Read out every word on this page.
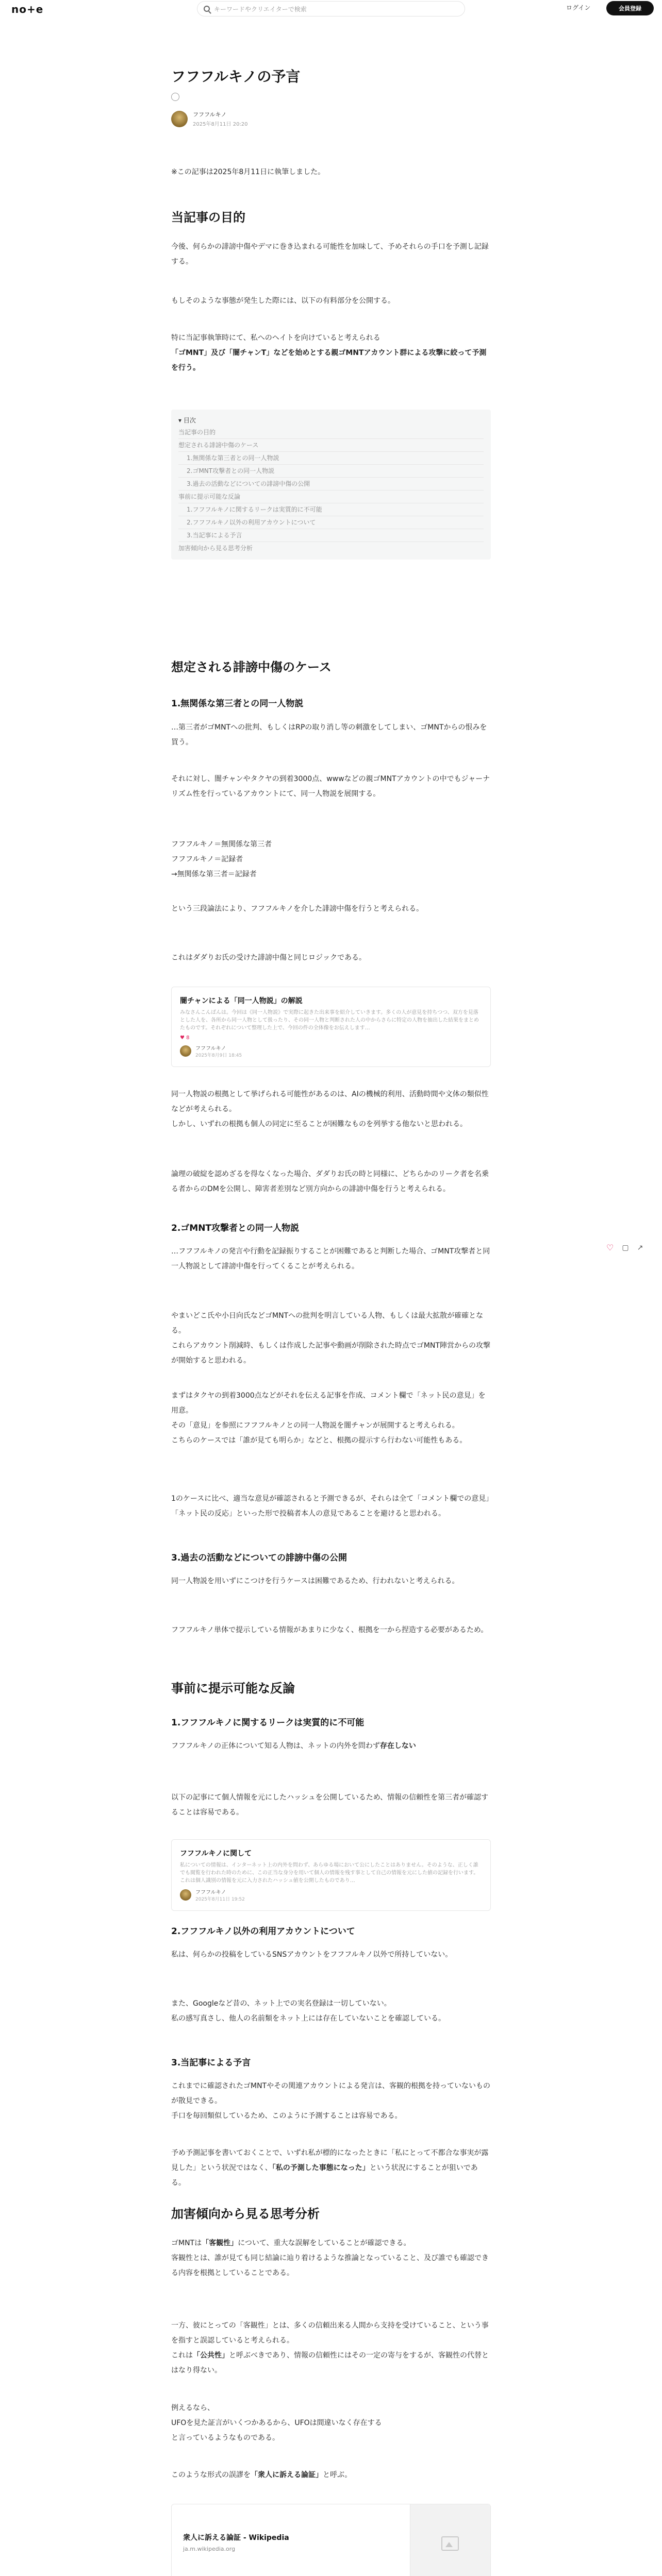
no+e	キーワードやクリエイターで検索	ログイン	会員登録
♡ ▢ ↗
フフフルキノの予言
フフフルキノ
2025年8月11日 20:20
※この記事は2025年8月11日に執筆しました。
当記事の目的
今後、何らかの誹謗中傷やデマに巻き込まれる可能性を加味して、予めそれらの手口を予測し記録する。
もしそのような事態が発生した際には、以下の有料部分を公開する。
特に当記事執筆時にて、私へのヘイトを向けていると考えられる
「ゴMNT」及び「闇チャンT」などを始めとする親ゴMNTアカウント群による攻撃に絞って予測を行う。
▾ 目次
当記事の目的
想定される誹謗中傷のケース
1.無関係な第三者との同一人物説
2.ゴMNT攻撃者との同一人物説
3.過去の活動などについての誹謗中傷の公開
事前に提示可能な反論
1.フフフルキノに関するリークは実質的に不可能
2.フフフルキノ以外の利用アカウントについて
3.当記事による予言
加害傾向から見る思考分析
想定される誹謗中傷のケース
1.無関係な第三者との同一人物説
…第三者がゴMNTへの批判、もしくはRPの取り消し等の刺激をしてしまい、ゴMNTからの恨みを買う。
それに対し、闇チャンやタクヤの到着3000点、wwwなどの親ゴMNTアカウントの中でもジャーナリズム性を行っているアカウントにて、同一人物説を展開する。
フフフルキノ＝無関係な第三者
フフフルキノ＝記録者
→無関係な第三者＝記録者
という三段論法により、フフフルキノを介した誹謗中傷を行うと考えられる。
これはダダりお氏の受けた誹謗中傷と同じロジックである。
闇チャンによる「同一人物説」の解説
みなさんこんばんは。今回は《同一人物説》で実際に起きた出来事を紹介していきます。多くの人が意見を持ちつつ、双方を見落とした人を、各所から同一人物として扱ったり、その同一人物と判断された人の中からさらに特定の人物を抽出した結果をまとめたものです。それぞれについて整理した上で、今回の件の全体像をお伝えします…
♥ 8
フフフルキノ
2025年8月9日 18:45
同一人物説の根拠として挙げられる可能性があるのは、AIの機械的利用、活動時間や文体の類似性などが考えられる。
しかし、いずれの根拠も個人の同定に至ることが困難なものを列挙する他ないと思われる。
論理の破綻を認めざるを得なくなった場合、ダダりお氏の時と同様に、どちらかのリーク者を名乗る者からのDMを公開し、障害者差別など別方向からの誹謗中傷を行うと考えられる。
2.ゴMNT攻撃者との同一人物説
…フフフルキノの発言や行動を記録振りすることが困難であると判断した場合、ゴMNT攻撃者と同一人物説として誹謗中傷を行ってくることが考えられる。
やまいどこ氏や小日向氏などゴMNTへの批判を明言している人物、もしくは最大拡散が確確となる。
これらアカウント削減時、もしくは作成した記事や動画が削除された時点でゴMNT陣営からの攻撃が開始すると思われる。
まずはタクヤの到着3000点などがそれを伝える記事を作成、コメント欄で「ネット民の意見」を用意。
その「意見」を参照にフフフルキノとの同一人物説を闇チャンが展開すると考えられる。
こちらのケースでは「誰が見ても明らか」などと、根拠の提示すら行わない可能性もある。
1のケースに比べ、適当な意見が確認されると予測できるが、それらは全て「コメント欄での意見」「ネット民の反応」といった形で投稿者本人の意見であることを避けると思われる。
3.過去の活動などについての誹謗中傷の公開
同一人物説を用いずにこつけを行うケースは困難であるため、行われないと考えられる。
フフフルキノ単体で提示している情報があまりに少なく、根拠を一から捏造する必要があるため。
事前に提示可能な反論
1.フフフルキノに関するリークは実質的に不可能
フフフルキノの正体について知る人物は、ネットの内外を問わず存在しない
以下の記事にて個人情報を元にしたハッシュを公開しているため、情報の信頼性を第三者が確認することは容易である。
フフフルキノに関して
私についての情報は、インターネット上の内外を問わず、あらゆる場において公にしたことはありません。そのような、正しく誰でも閲覧を行われた時のために、この正当な身分を用いて個人の情報を残す事として自己の情報を元にした値の記録を行います。これは個人識別の情報を元に入力されたハッシュ値を公開したものであり…
フフフルキノ
2025年8月11日 19:52
2.フフフルキノ以外の利用アカウントについて
私は、何らかの投稿をしているSNSアカウントをフフフルキノ以外で所持していない。
また、Googleなど昔の、ネット上での実名登録は一切していない。
私の感写真さし、他人の名前類をネット上には存在していないことを確認している。
3.当記事による予言
これまでに確認されたゴMNTやその関連アカウントによる発言は、客観的根拠を持っていないものが散見できる。
手口を毎回類似しているため、このように予測することは容易である。
予め予測記事を書いておくことで、いずれ私が標的になったときに「私にとって不都合な事実が露見した」という状況ではなく、「私の予測した事態になった」という状況にすることが狙いである。
加害傾向から見る思考分析
ゴMNTは「客観性」について、重大な誤解をしていることが確認できる。
客観性とは、誰が見ても同じ結論に辿り着けるような推論となっていること、及び誰でも確認できる内容を根拠としていることである。
一方、彼にとっての「客観性」とは、多くの信頼出来る人間から支持を受けていること、という事を指すと誤認していると考えられる。
これは「公共性」と呼ぶべきであり、情報の信頼性にはその一定の寄与をするが、客観性の代替とはなり得ない。
例えるなら、
UFOを見た証言がいくつかあるから、UFOは間違いなく存在する
と言っているようなものである。
このような形式の誤謬を「衆人に訴える論証」と呼ぶ。
衆人に訴える論証 - Wikipedia
ja.m.wikipedia.org
